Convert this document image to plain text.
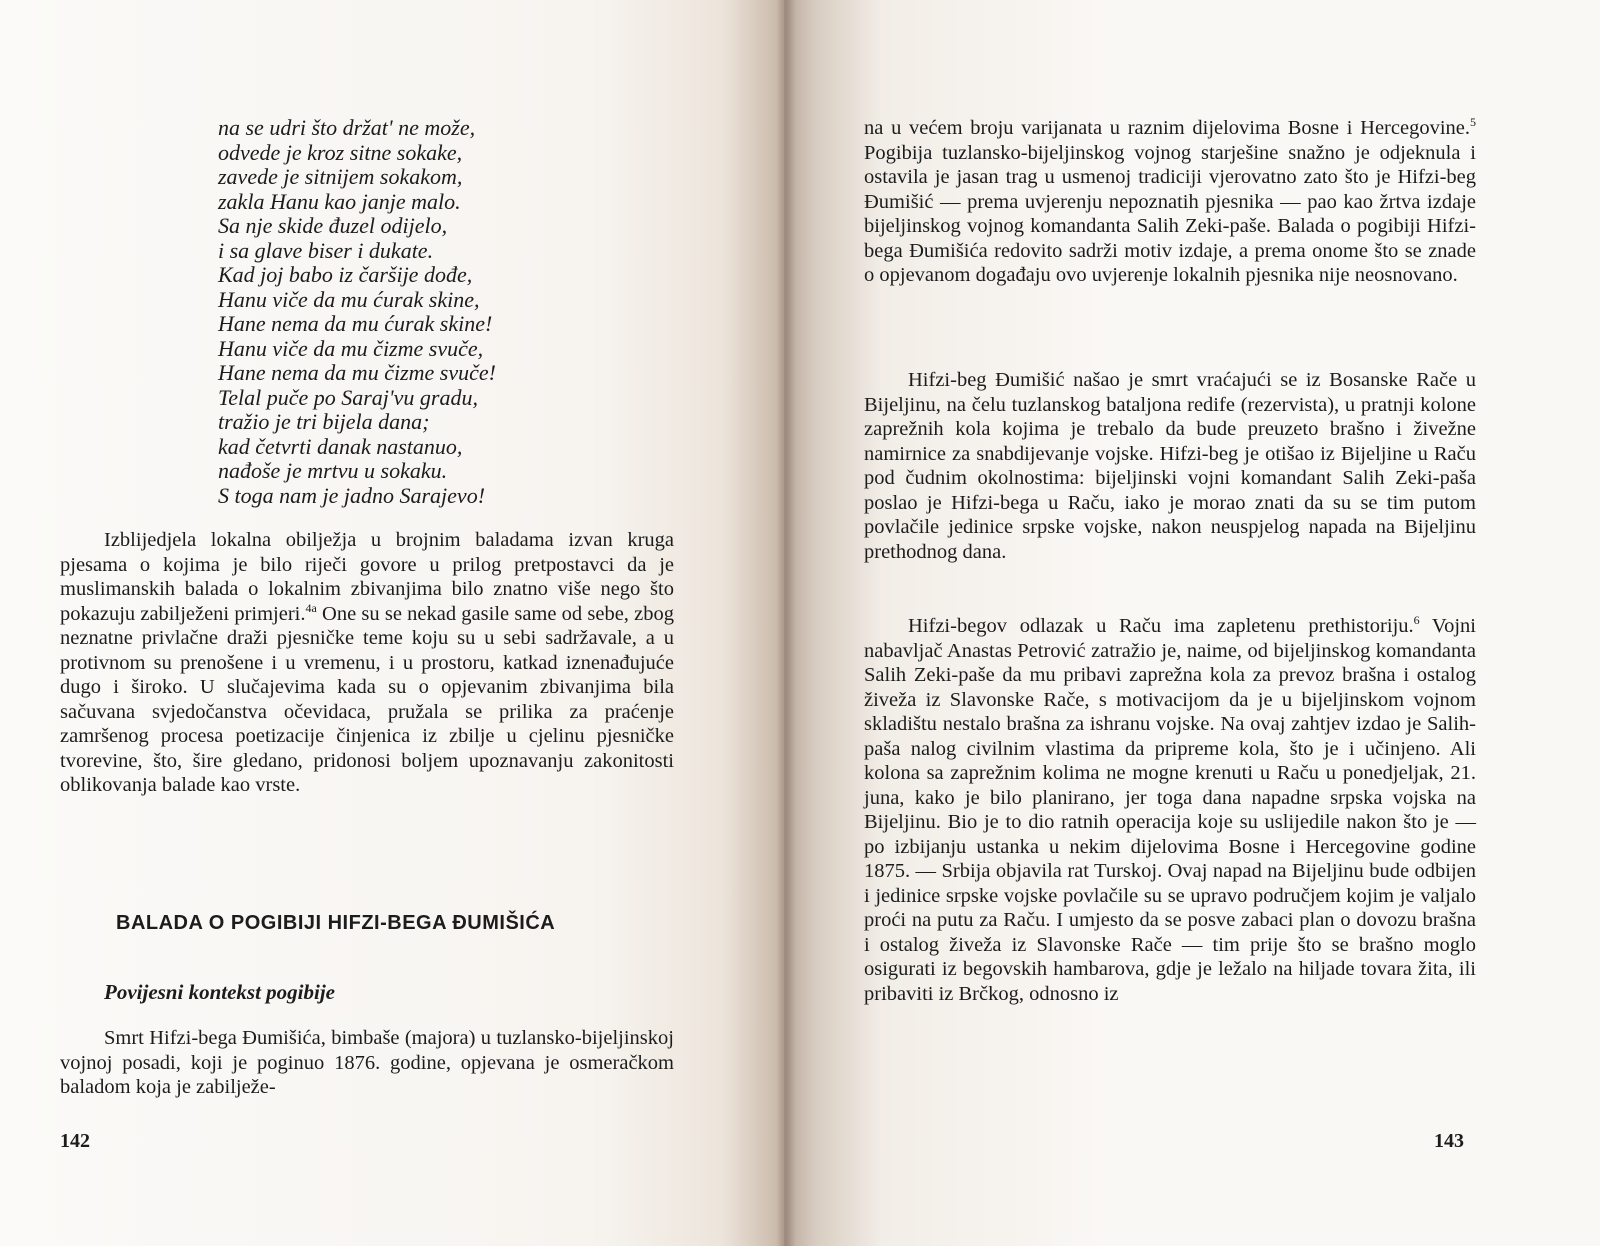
na se udri što držat' ne može,
odvede je kroz sitne sokake,
zavede je sitnijem sokakom,
zakla Hanu kao janje malo.
Sa nje skide đuzel odijelo,
i sa glave biser i dukate.
Kad joj babo iz čaršije dođe,
Hanu viče da mu ćurak skine,
Hane nema da mu ćurak skine!
Hanu viče da mu čizme svuče,
Hane nema da mu čizme svuče!
Telal puče po Saraj'vu gradu,
tražio je tri bijela dana;
kad četvrti danak nastanuo,
nađoše je mrtvu u sokaku.
S toga nam je jadno Sarajevo!

Izblijedjela lokalna obilježja u brojnim baladama izvan kruga pjesama o kojima je bilo riječi govore u prilog pretpostavci da je muslimanskih balada o lokalnim zbivanjima bilo znatno više nego što pokazuju zabilježeni primjeri.$^{4a}$ One su se nekad gasile same od sebe, zbog neznatne privlačne draži pjesničke teme koju su u sebi sadržavale, a u protivnom su prenošene i u vremenu, i u prostoru, katkad iznenađujuće dugo i široko. U slučajevima kada su o opjevanim zbivanjima bila sačuvana svjedočanstva očevidaca, pružala se prilika za praćenje zamršenog procesa poetizacije činjenica iz zbilje u cjelinu pjesničke tvorevine, što, šire gledano, pridonosi boljem upoznavanju zakonitosti oblikovanja balade kao vrste.

BALADA O POGIBIJI HIFZI-BEGA ĐUMIŠIĆA
Povijesni kontekst pogibije

Smrt Hifzi-bega Đumišića, bimbaše (majora) u tuzlansko-bijeljinskoj vojnoj posadi, koji je poginuo 1876. godine, opjevana je osmeračkom baladom koja je zabilježe-

142

na u većem broju varijanata u raznim dijelovima Bosne i Hercegovine.$^5$ Pogibija tuzlansko-bijeljinskog vojnog starješine snažno je odjeknula i ostavila je jasan trag u usmenoj tradiciji vjerovatno zato što je Hifzi-beg Đumišić — prema uvjerenju nepoznatih pjesnika — pao kao žrtva izdaje bijeljinskog vojnog komandanta Salih Zeki-paše. Balada o pogibiji Hifzi-bega Đumišića redovito sadrži motiv izdaje, a prema onome što se znade o opjevanom događaju ovo uvjerenje lokalnih pjesnika nije neosnovano.

Hifzi-beg Đumišić našao je smrt vraćajući se iz Bosanske Rače u Bijeljinu, na čelu tuzlanskog bataljona redife (rezervista), u pratnji kolone zaprežnih kola kojima je trebalo da bude preuzeto brašno i živežne namirnice za snabdijevanje vojske. Hifzi-beg je otišao iz Bijeljine u Raču pod čudnim okolnostima: bijeljinski vojni komandant Salih Zeki-paša poslao je Hifzi-bega u Raču, iako je morao znati da su se tim putom povlačile jedinice srpske vojske, nakon neuspjelog napada na Bijeljinu prethodnog dana.

Hifzi-begov odlazak u Raču ima zapletenu prethistoriju.$^6$ Vojni nabavljač Anastas Petrović zatražio je, naime, od bijeljinskog komandanta Salih Zeki-paše da mu pribavi zaprežna kola za prevoz brašna i ostalog živeža iz Slavonske Rače, s motivacijom da je u bijeljinskom vojnom skladištu nestalo brašna za ishranu vojske. Na ovaj zahtjev izdao je Salih-paša nalog civilnim vlastima da pripreme kola, što je i učinjeno. Ali kolona sa zaprežnim kolima ne mogne krenuti u Raču u ponedjeljak, 21. juna, kako je bilo planirano, jer toga dana napadne srpska vojska na Bijeljinu. Bio je to dio ratnih operacija koje su uslijedile nakon što je — po izbijanju ustanka u nekim dijelovima Bosne i Hercegovine godine 1875. — Srbija objavila rat Turskoj. Ovaj napad na Bijeljinu bude odbijen i jedinice srpske vojske povlačile su se upravo područjem kojim je valjalo proći na putu za Raču. I umjesto da se posve zabaci plan o dovozu brašna i ostalog živeža iz Slavonske Rače — tim prije što se brašno moglo osigurati iz begovskih hambarova, gdje je ležalo na hiljade tovara žita, ili pribaviti iz Brčkog, odnosno iz

143
